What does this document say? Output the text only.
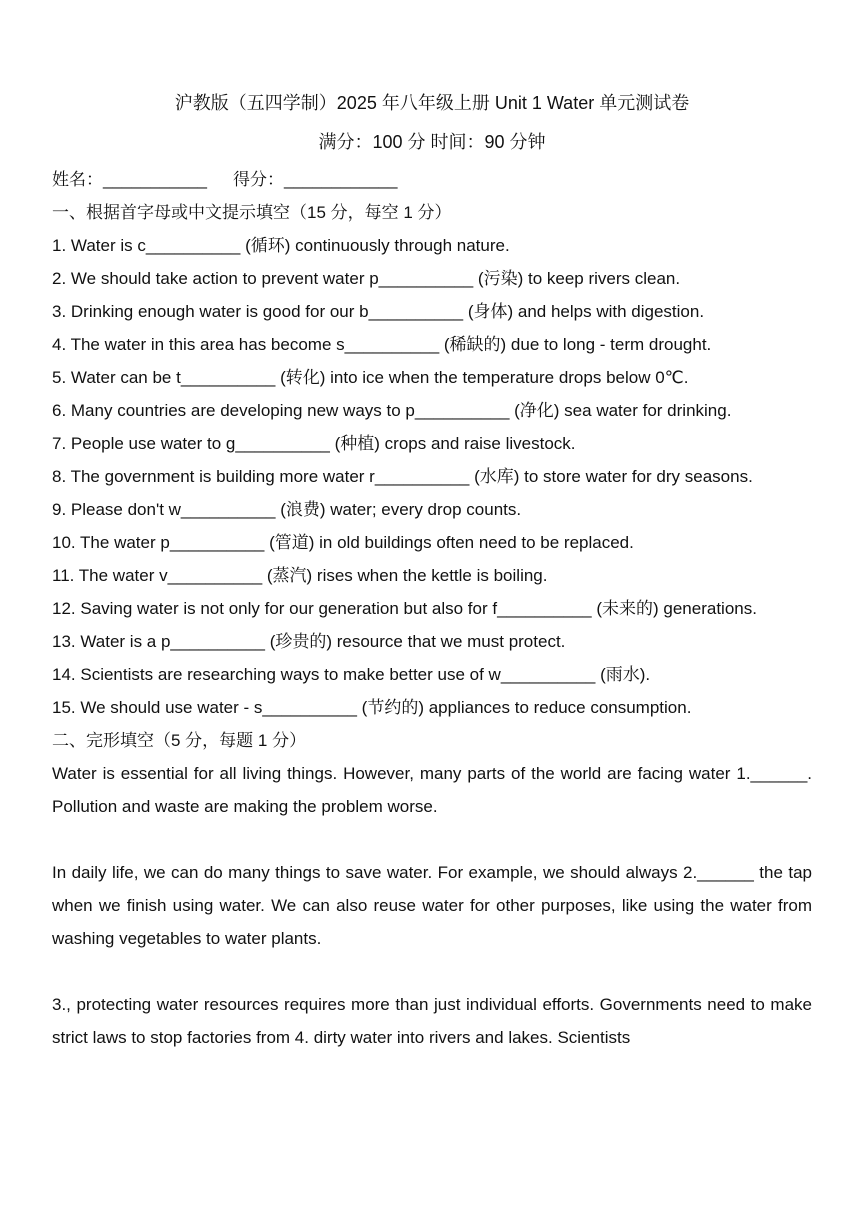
沪教版（五四学制）2025 年八年级上册 Unit 1 Water 单元测试卷
满分：100 分 时间：90 分钟
姓名：___________ 得分：____________
一、根据首字母或中文提示填空（15 分，每空 1 分）
1. Water is c__________ (循环) continuously through nature.
2. We should take action to prevent water p__________ (污染) to keep rivers clean.
3. Drinking enough water is good for our b__________ (身体) and helps with digestion.
4. The water in this area has become s__________ (稀缺的) due to long - term drought.
5. Water can be t__________ (转化) into ice when the temperature drops below 0℃.
6. Many countries are developing new ways to p__________ (净化) sea water for drinking.
7. People use water to g__________ (种植) crops and raise livestock.
8. The government is building more water r__________ (水库) to store water for dry seasons.
9. Please don't w__________ (浪费) water; every drop counts.
10. The water p__________ (管道) in old buildings often need to be replaced.
11. The water v__________ (蒸汽) rises when the kettle is boiling.
12. Saving water is not only for our generation but also for f__________ (未来的) generations.
13. Water is a p__________ (珍贵的) resource that we must protect.
14. Scientists are researching ways to make better use of w__________ (雨水).
15. We should use water - s__________ (节约的) appliances to reduce consumption.
二、完形填空（5 分，每题 1 分）
Water is essential for all living things. However, many parts of the world are facing water 1.______. Pollution and waste are making the problem worse.
In daily life, we can do many things to save water. For example, we should always 2.______ the tap when we finish using water. We can also reuse water for other purposes, like using the water from washing vegetables to water plants.
3., protecting water resources requires more than just individual efforts. Governments need to make strict laws to stop factories from 4. dirty water into rivers and lakes. Scientists
